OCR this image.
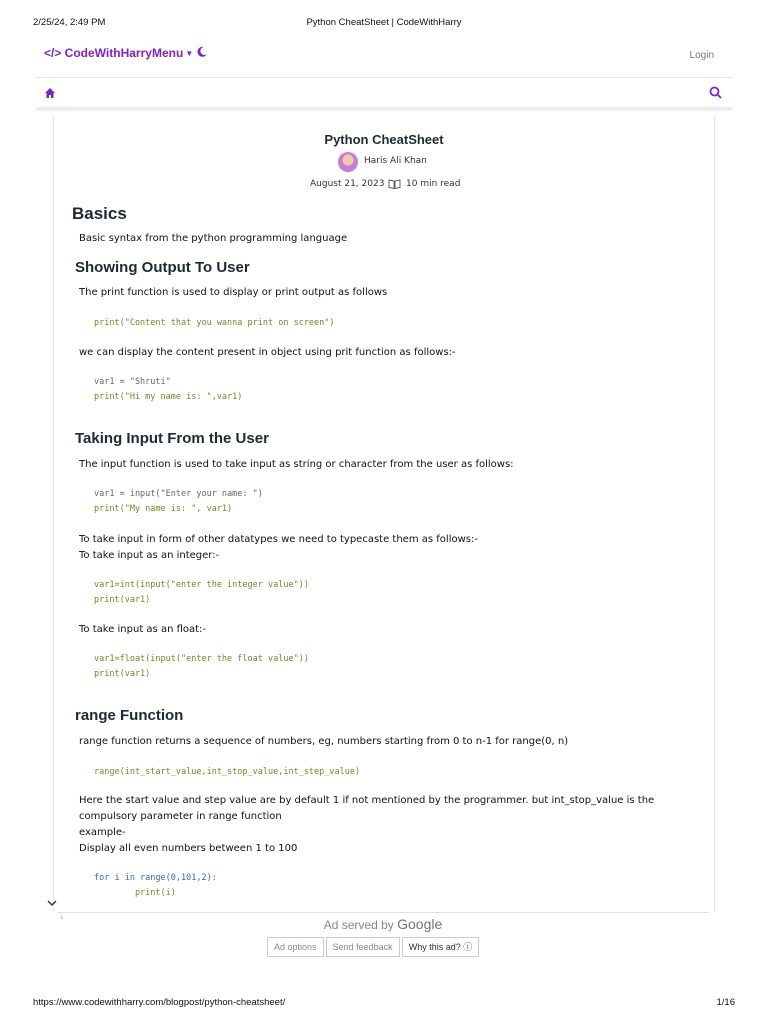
2/25/24, 2:49 PM	Python CheatSheet | CodeWithHarry
</> CodeWithHarry Menu ▼	Login
Python CheatSheet
Haris Ali Khan
August 21, 2023 10 min read
Basics
Basic syntax from the python programming language
Showing Output To User
The print function is used to display or print output as follows
print("Content that you wanna print on screen")
we can display the content present in object using prit function as follows:-
var1 = "Shruti"
print("Hi my name is: ",var1)
Taking Input From the User
The input function is used to take input as string or character from the user as follows:
var1 = input("Enter your name: ")
print("My name is: ", var1)
To take input in form of other datatypes we need to typecaste them as follows:-
To take input as an integer:-
var1=int(input("enter the integer value"))
print(var1)
To take input as an float:-
var1=float(input("enter the float value"))
print(var1)
range Function
range function returns a sequence of numbers, eg, numbers starting from 0 to n-1 for range(0, n)
range(int_start_value,int_stop_value,int_step_value)
Here the start value and step value are by default 1 if not mentioned by the programmer. but int_stop_value is the
compulsory parameter in range function
example-
Display all even numbers between 1 to 100
for i in range(0,101,2):
print(i)
‹	Ad served by Google
Ad options Send feedback Why this ad? ⓘ
https://www.codewithharry.com/blogpost/python-cheatsheet/	1/16
